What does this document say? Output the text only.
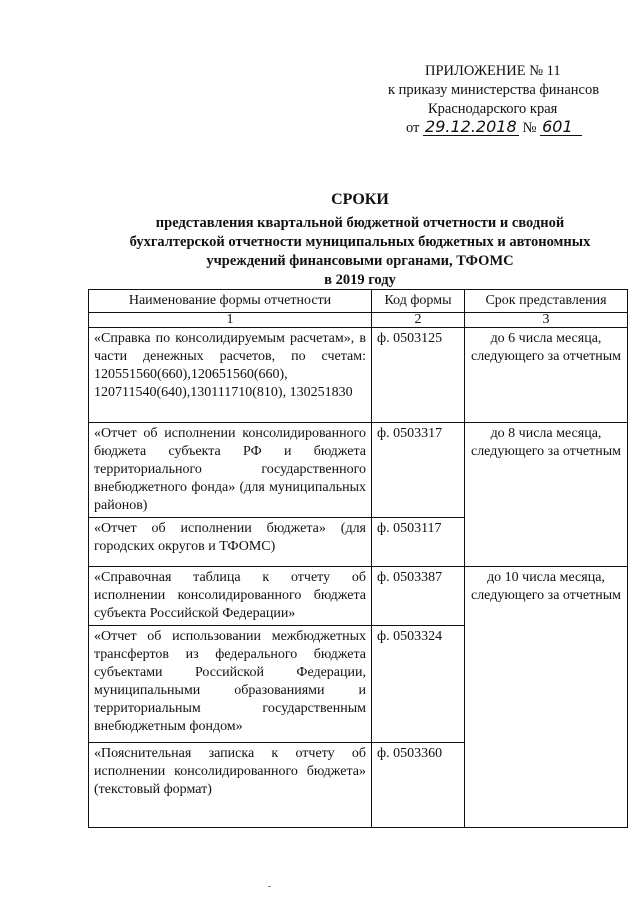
ПРИЛОЖЕНИЕ № 11
к приказу министерства финансов
Краснодарского края
от 29.12.2018 № 601
СРОКИ
представления квартальной бюджетной отчетности и сводной
бухгалтерской отчетности муниципальных бюджетных и автономных
учреждений финансовыми органами, ТФОМС
в 2019 году
Наименование формы отчетности	Код формы	Срок представления
1	2	3
«Справка по консолидируемым расчетам», в части денежных расчетов, по счетам: 120551560(660),120651560(660), 120711540(640),130111710(810), 130251830	ф. 0503125	до 6 числа месяца, следующего за отчетным
«Отчет об исполнении консолидированного бюджета субъекта РФ и бюджета территориального государственного внебюджетного фонда» (для муниципальных районов)	ф. 0503317	до 8 числа месяца, следующего за отчетным
«Отчет об исполнении бюджета» (для городских округов и ТФОМС)	ф. 0503117	
«Справочная таблица к отчету об исполнении консолидированного бюджета субъекта Российской Федерации»	ф. 0503387	до 10 числа месяца, следующего за отчетным
«Отчет об использовании межбюджетных трансфертов из федерального бюджета субъектами Российской Федерации, муниципальными образованиями и территориальным государственным внебюджетным фондом»	ф. 0503324	
«Пояснительная записка к отчету об исполнении консолидированного бюджета» (текстовый формат)	ф. 0503360	
